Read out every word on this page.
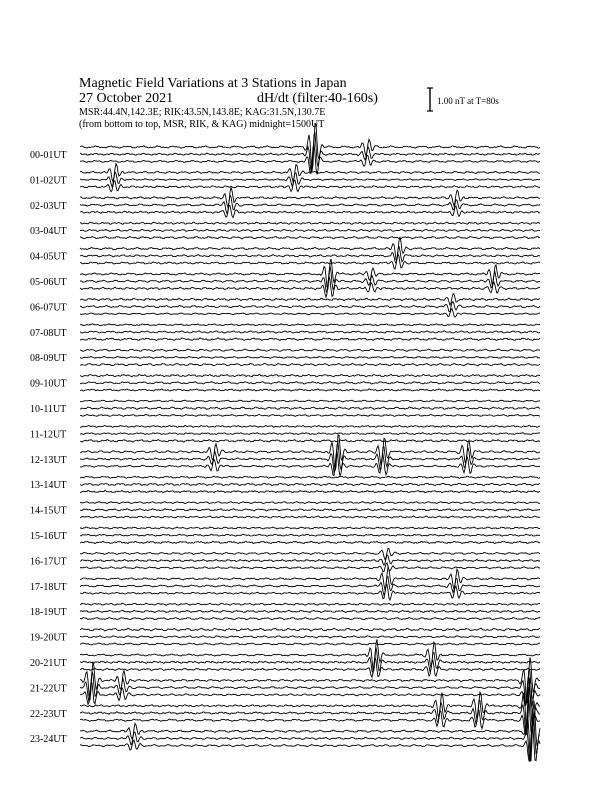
Magnetic Field Variations at 3 Stations in Japan
27 October 2021	dH/dt (filter:40-160s)
MSR:44.4N,142.3E; RIK:43.5N,143.8E; KAG:31.5N,130.7E
(from bottom to top, MSR, RIK, & KAG) midnight=1500UT
1.00 nT at T=80s
00-01UT
01-02UT
02-03UT
03-04UT
04-05UT
05-06UT
06-07UT
07-08UT
08-09UT
09-10UT
10-11UT
11-12UT
12-13UT
13-14UT
14-15UT
15-16UT
16-17UT
17-18UT
18-19UT
19-20UT
20-21UT
21-22UT
22-23UT
23-24UT
